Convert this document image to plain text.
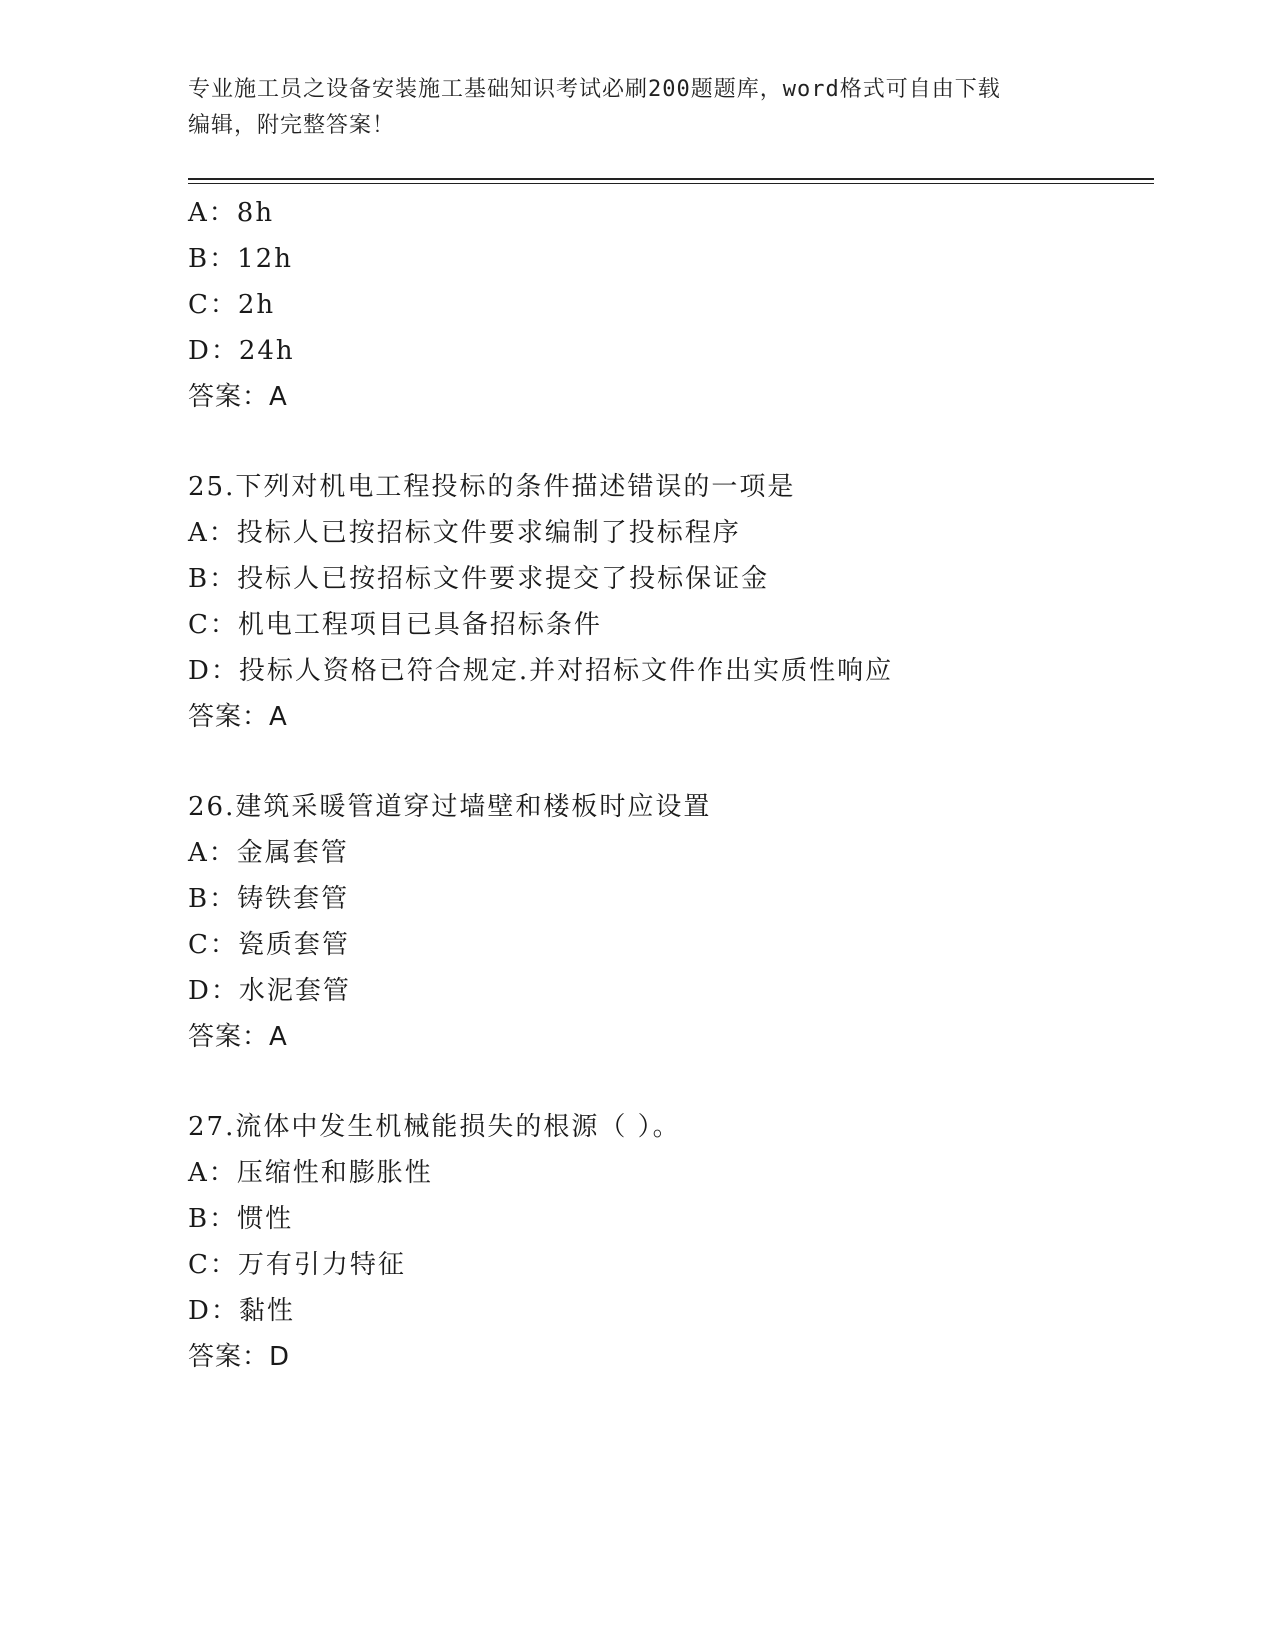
专业施工员之设备安装施工基础知识考试必刷200题题库，word格式可自由下载
编辑，附完整答案！
A：8h
B：12h
C：2h
D：24h
答案：A
25.下列对机电工程投标的条件描述错误的一项是
A：投标人已按招标文件要求编制了投标程序
B：投标人已按招标文件要求提交了投标保证金
C：机电工程项目已具备招标条件
D：投标人资格已符合规定.并对招标文件作出实质性响应
答案：A
26.建筑采暖管道穿过墙壁和楼板时应设置
A：金属套管
B：铸铁套管
C：瓷质套管
D：水泥套管
答案：A
27.流体中发生机械能损失的根源（ ）。
A：压缩性和膨胀性
B：惯性
C：万有引力特征
D：黏性
答案：D
